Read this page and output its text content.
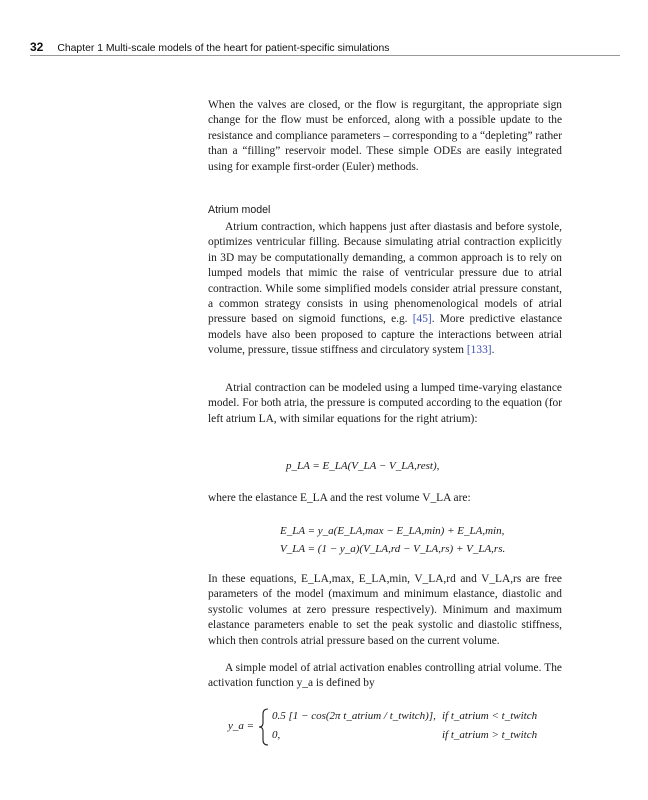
32 Chapter 1 Multi-scale models of the heart for patient-specific simulations

When the valves are closed, or the flow is regurgitant, the appropriate sign change for the flow must be enforced, along with a possible update to the resistance and compliance parameters – corresponding to a “depleting” rather than a “filling” reservoir model. These simple ODEs are easily integrated using for example first-order (Euler) methods.

Atrium model

Atrium contraction, which happens just after diastasis and before systole, optimizes ventricular filling. Because simulating atrial contraction explicitly in 3D may be computationally demanding, a common approach is to rely on lumped models that mimic the raise of ventricular pressure due to atrial contraction. While some simplified models consider atrial pressure constant, a common strategy consists in using phenomenological models of atrial pressure based on sigmoid functions, e.g. [45]. More predictive elastance models have also been proposed to capture the interactions between atrial volume, pressure, tissue stiffness and circulatory system [133].

Atrial contraction can be modeled using a lumped time-varying elastance model. For both atria, the pressure is computed according to the equation (for left atrium LA, with similar equations for the right atrium):

p_LA = E_LA(V_LA − V_LA,rest),

where the elastance E_LA and the rest volume V_LA are:

E_LA = y_a(E_LA,max − E_LA,min) + E_LA,min,
V_LA = (1 − y_a)(V_LA,rd − V_LA,rs) + V_LA,rs.

In these equations, E_LA,max, E_LA,min, V_LA,rd and V_LA,rs are free parameters of the model (maximum and minimum elastance, diastolic and systolic volumes at zero pressure respectively). Minimum and maximum elastance parameters enable to set the peak systolic and diastolic stiffness, which then controls atrial pressure based on the current volume.

A simple model of atrial activation enables controlling atrial volume. The activation function y_a is defined by

y_a =
0.5 [1 − cos(2π t_atrium / t_twitch)], if t_atrium < t_twitch
0,	if t_atrium > t_twitch
